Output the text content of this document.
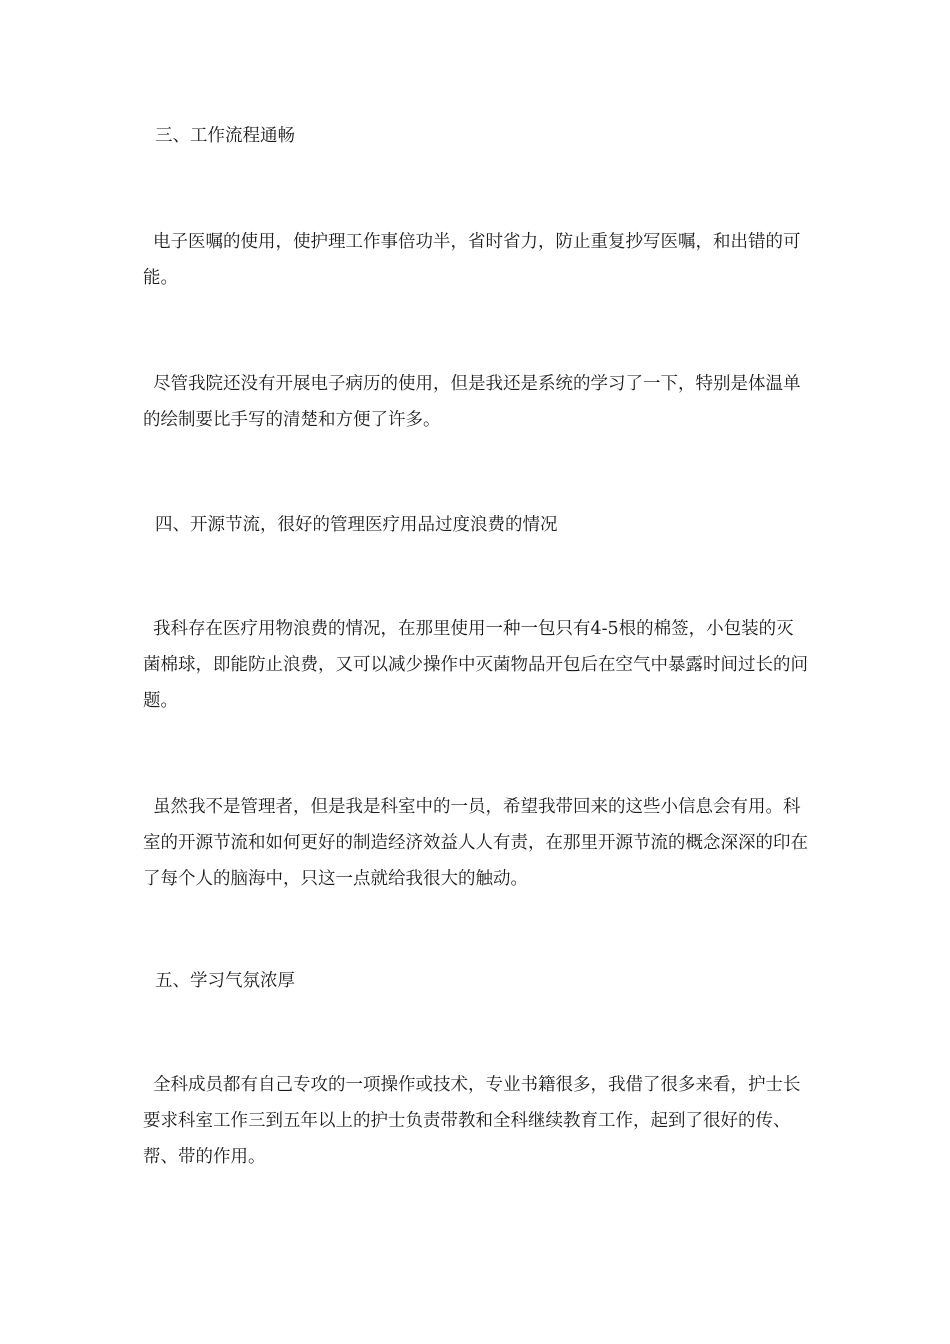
三、工作流程通畅

电子医嘱的使用，使护理工作事倍功半，省时省力，防止重复抄写医嘱，和出错的可能。

尽管我院还没有开展电子病历的使用，但是我还是系统的学习了一下，特别是体温单的绘制要比手写的清楚和方便了许多。

四、开源节流，很好的管理医疗用品过度浪费的情况

我科存在医疗用物浪费的情况，在那里使用一种一包只有4-5根的棉签，小包装的灭菌棉球，即能防止浪费，又可以减少操作中灭菌物品开包后在空气中暴露时间过长的问题。

虽然我不是管理者，但是我是科室中的一员，希望我带回来的这些小信息会有用。科室的开源节流和如何更好的制造经济效益人人有责，在那里开源节流的概念深深的印在了每个人的脑海中，只这一点就给我很大的触动。

五、学习气氛浓厚

全科成员都有自己专攻的一项操作或技术，专业书籍很多，我借了很多来看，护士长要求科室工作三到五年以上的护士负责带教和全科继续教育工作，起到了很好的传、帮、带的作用。
